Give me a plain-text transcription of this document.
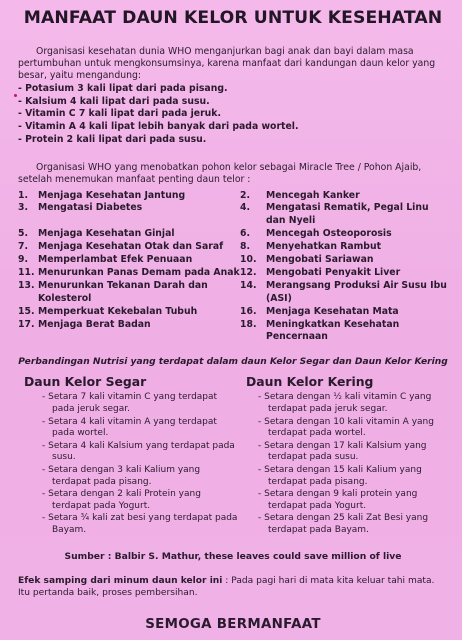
MANFAAT DAUN KELOR UNTUK KESEHATAN

Organisasi kesehatan dunia WHO menganjurkan bagi anak dan bayi dalam masa pertumbuhan untuk mengkonsumsinya, karena manfaat dari kandungan daun kelor yang besar, yaitu mengandung:

- Potasium 3 kali lipat dari pada pisang.
- Kalsium 4 kali lipat dari pada susu.
- Vitamin C 7 kali lipat dari pada jeruk.
- Vitamin A 4 kali lipat lebih banyak dari pada wortel.
- Protein 2 kali lipat dari pada susu.

Organisasi WHO yang menobatkan pohon kelor sebagai Miracle Tree / Pohon Ajaib, setelah menemukan manfaat penting daun telor :

1.	Menjaga Kesehatan Jantung	2.	Mencegah Kanker
3.	Mengatasi Diabetes	4.	Mengatasi Rematik, Pegal Linu dan Nyeli
5.	Menjaga Kesehatan Ginjal	6.	Mencegah Osteoporosis
7.	Menjaga Kesehatan Otak dan Saraf 8.	Menyehatkan Rambut
9.	Memperlambat Efek Penuaan	10.	Mengobati Sariawan
11. Menurunkan Panas Demam pada Anak 12.	Mengobati Penyakit Liver
13. Menurunkan Tekanan Darah dan Kolesterol
14.	Merangsang Produksi Air Susu Ibu (ASI)
15. Memperkuat Kekebalan Tubuh	16.	Menjaga Kesehatan Mata
17. Menjaga Berat Badan	18.	Meningkatkan Kesehatan Pencernaan
Perbandingan Nutrisi yang terdapat dalam daun Kelor Segar dan Daun Kelor Kering
Daun Kelor Segar
- Setara 7 kali vitamin C yang terdapat pada jeruk segar.
- Setara 4 kali vitamin A yang terdapat pada wortel.
- Setara 4 kali Kalsium yang terdapat pada susu.
- Setara dengan 3 kali Kalium yang terdapat pada pisang.
- Setara dengan 2 kali Protein yang terdapat pada Yogurt.
- Setara ¾ kali zat besi yang terdapat pada Bayam.
Daun Kelor Kering
- Setara dengan ½ kali vitamin C yang terdapat pada jeruk segar.
- Setara dengan 10 kali vitamin A yang terdapat pada wortel.
- Setara dengan 17 kali Kalsium yang terdapat pada susu.
- Setara dengan 15 kali Kalium yang terdapat pada pisang.
- Setara dengan 9 kali protein yang terdapat pada Yogurt.
- Setara dengan 25 kali Zat Besi yang terdapat pada Bayam.
Sumber : Balbir S. Mathur, these leaves could save million of live

Efek samping dari minum daun kelor ini : Pada pagi hari di mata kita keluar tahi mata. Itu pertanda baik, proses pembersihan.

SEMOGA BERMANFAAT
